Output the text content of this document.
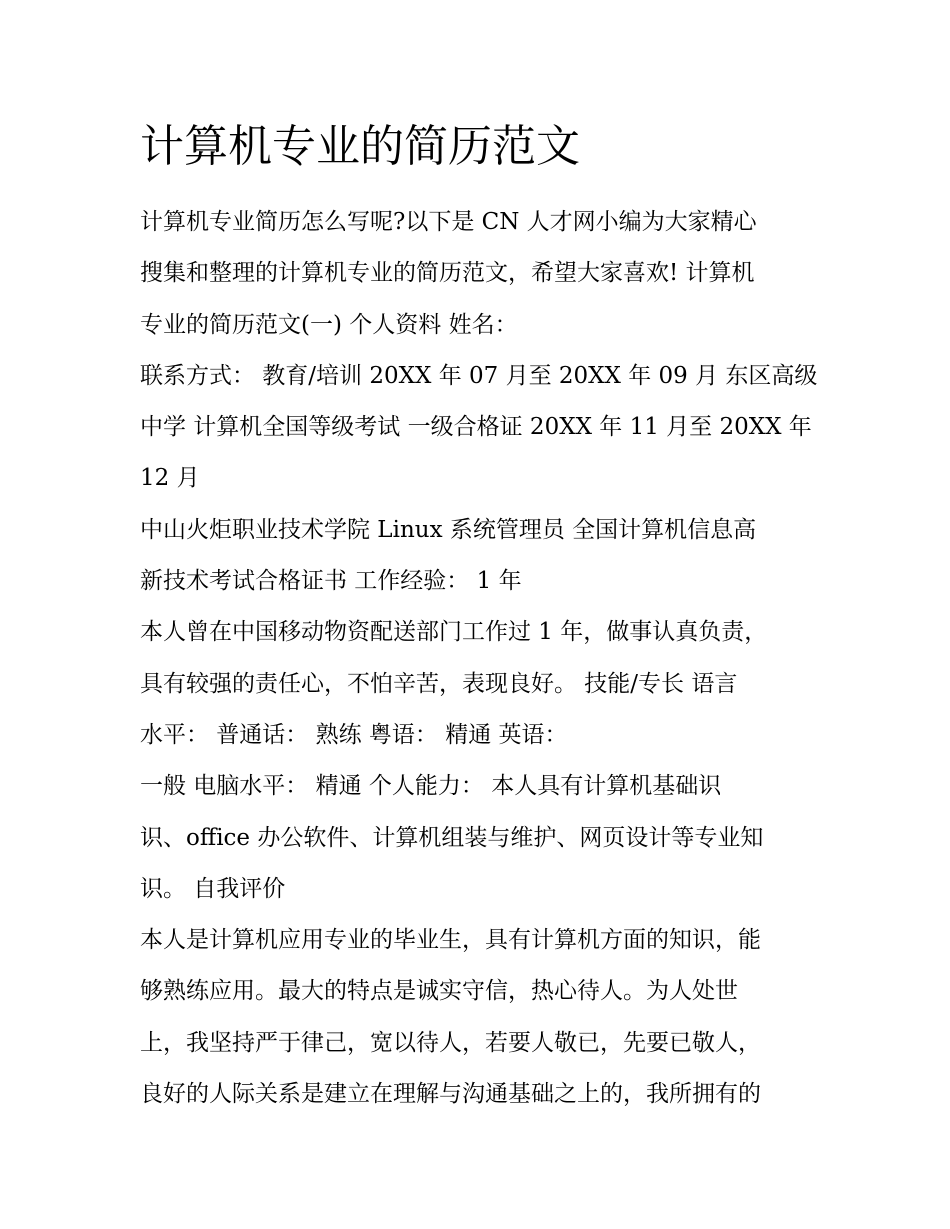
计算机专业的简历范文
计算机专业简历怎么写呢?以下是 CN 人才网小编为大家精心
搜集和整理的计算机专业的简历范文，希望大家喜欢! 计算机
专业的简历范文(一) 个人资料 姓名：
联系方式： 教育/培训 20XX 年 07 月至 20XX 年 09 月 东区高级
中学 计算机全国等级考试 一级合格证 20XX 年 11 月至 20XX 年
12 月
中山火炬职业技术学院 Linux 系统管理员 全国计算机信息高
新技术考试合格证书 工作经验： 1 年
本人曾在中国移动物资配送部门工作过 1 年，做事认真负责，
具有较强的责任心，不怕辛苦，表现良好。 技能/专长 语言
水平： 普通话： 熟练 粤语： 精通 英语：
一般 电脑水平： 精通 个人能力： 本人具有计算机基础识
识、office 办公软件、计算机组装与维护、网页设计等专业知
识。 自我评价
本人是计算机应用专业的毕业生，具有计算机方面的知识，能
够熟练应用。最大的特点是诚实守信，热心待人。为人处世
上，我坚持严于律己，宽以待人，若要人敬已，先要已敬人，
良好的人际关系是建立在理解与沟通基础之上的，我所拥有的
